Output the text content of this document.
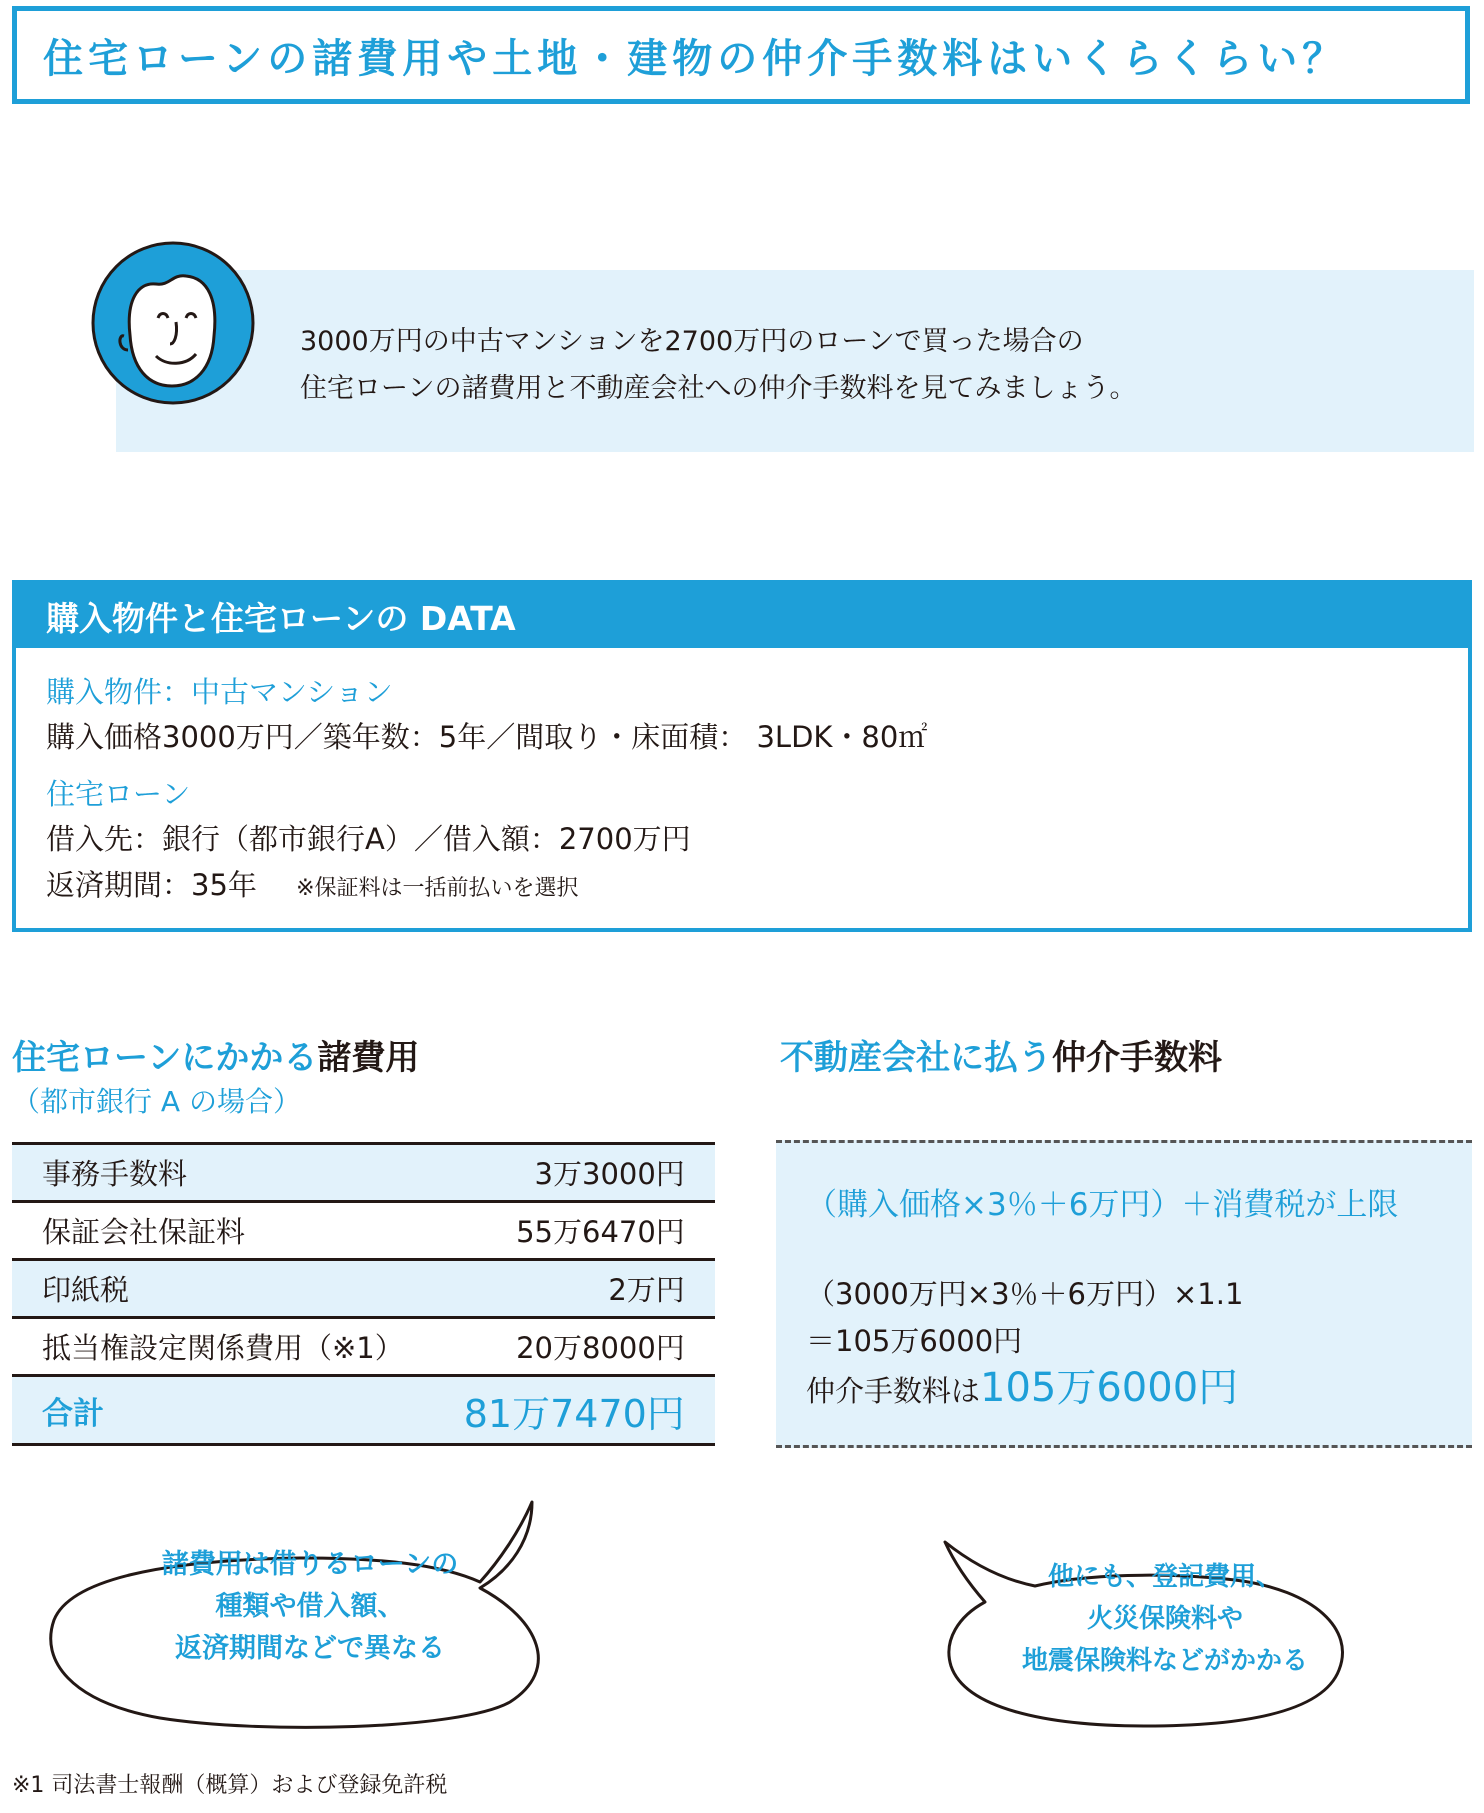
住宅ローンの諸費用や土地・建物の仲介手数料はいくらくらい？
3000万円の中古マンションを2700万円のローンで買った場合の
住宅ローンの諸費用と不動産会社への仲介手数料を見てみましょう。
購入物件と住宅ローンの DATA
購入物件：中古マンション
購入価格3000万円／築年数：5年／間取り・床面積： 3LDK・80㎡
住宅ローン
借入先：銀行（都市銀行A）／借入額：2700万円
返済期間：35年 ※保証料は一括前払いを選択
住宅ローンにかかる諸費用
（都市銀行 A の場合）
事務手数料	3万3000円
保証会社保証料	55万6470円
印紙税	2万円
抵当権設定関係費用（※1）	20万8000円
合計	81万7470円
不動産会社に払う仲介手数料
（購入価格×3％＋6万円）＋消費税が上限
（3000万円×3％＋6万円）×1.1
＝105万6000円
仲介手数料は105万6000円
諸費用は借りるローンの
種類や借入額、
返済期間などで異なる
他にも、登記費用、
火災保険料や
地震保険料などがかかる
※1 司法書士報酬（概算）および登録免許税
